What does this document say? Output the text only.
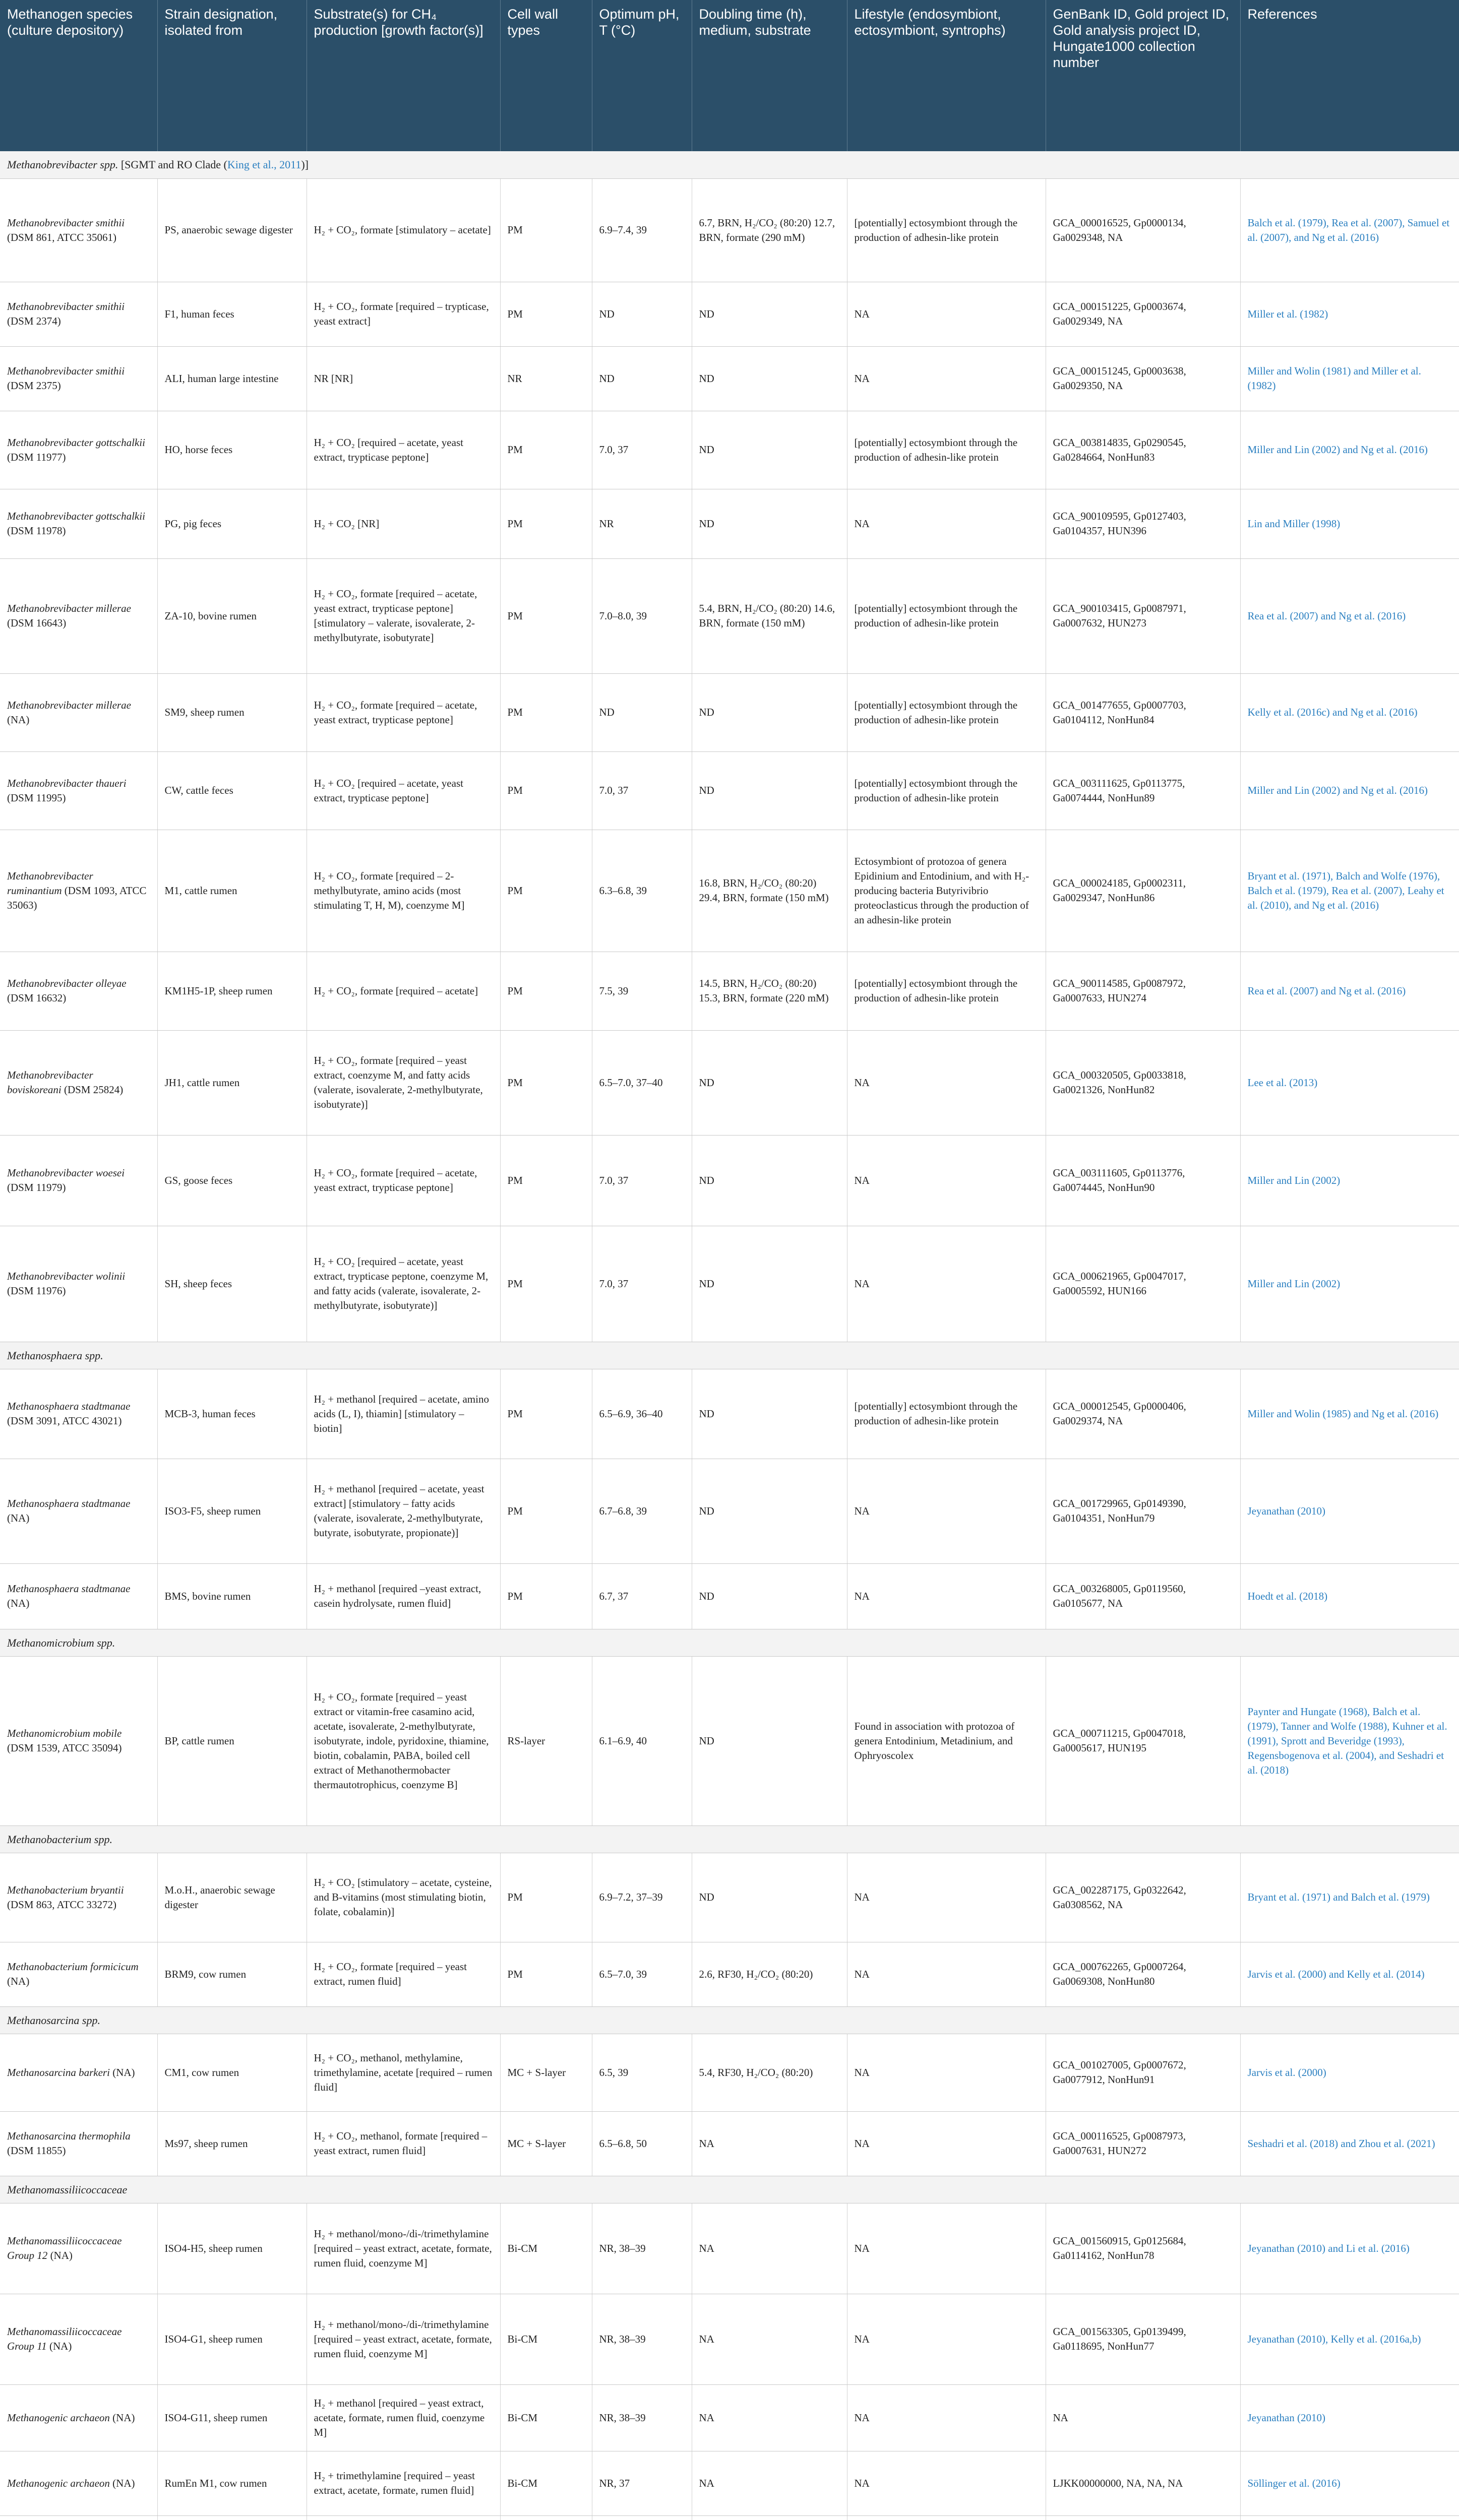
Methanogen species (culture depository)	Strain designation, isolated from	Substrate(s) for CH₄ production [growth factor(s)]	Cell wall types	Optimum pH, T (°C)	Doubling time (h), medium, substrate	Lifestyle (endosymbiont, ectosymbiont, syntrophs)	GenBank ID, Gold project ID, Gold analysis project ID, Hungate1000 collection number	References
Methanobrevibacter spp. [SGMT and RO Clade (King et al., 2011)]								
Methanobrevibacter smithii (DSM 861, ATCC 35061)	PS, anaerobic sewage digester	H₂ + CO₂, formate [stimulatory – acetate]	PM	6.9–7.4, 39	6.7, BRN, H₂/CO₂ (80:20) 12.7, BRN, formate (290 mM)	[potentially] ectosymbiont through the production of adhesin-like protein	GCA_000016525, Gp0000134, Ga0029348, NA	Balch et al. (1979), Rea et al. (2007), Samuel et al. (2007), and Ng et al. (2016)
Methanobrevibacter smithii (DSM 2374)	F1, human feces	H₂ + CO₂, formate [required – trypticase, yeast extract]	PM	ND	ND	NA	GCA_000151225, Gp0003674, Ga0029349, NA	Miller et al. (1982)
Methanobrevibacter smithii (DSM 2375)	ALI, human large intestine	NR [NR]	NR	ND	ND	NA	GCA_000151245, Gp0003638, Ga0029350, NA	Miller and Wolin (1981) and Miller et al. (1982)
Methanobrevibacter gottschalkii (DSM 11977)	HO, horse feces	H₂ + CO₂ [required – acetate, yeast extract, trypticase peptone]	PM	7.0, 37	ND	[potentially] ectosymbiont through the production of adhesin-like protein	GCA_003814835, Gp0290545, Ga0284664, NonHun83	Miller and Lin (2002) and Ng et al. (2016)
Methanobrevibacter gottschalkii (DSM 11978)	PG, pig feces	H₂ + CO₂ [NR]	PM	NR	ND	NA	GCA_900109595, Gp0127403, Ga0104357, HUN396	Lin and Miller (1998)
Methanobrevibacter millerae (DSM 16643)	ZA-10, bovine rumen	H₂ + CO₂, formate [required – acetate, yeast extract, trypticase peptone] [stimulatory – valerate, isovalerate, 2-methylbutyrate, isobutyrate]	PM	7.0–8.0, 39	5.4, BRN, H₂/CO₂ (80:20) 14.6, BRN, formate (150 mM)	[potentially] ectosymbiont through the production of adhesin-like protein	GCA_900103415, Gp0087971, Ga0007632, HUN273	Rea et al. (2007) and Ng et al. (2016)
Methanobrevibacter millerae (NA)	SM9, sheep rumen	H₂ + CO₂, formate [required – acetate, yeast extract, trypticase peptone]	PM	ND	ND	[potentially] ectosymbiont through the production of adhesin-like protein	GCA_001477655, Gp0007703, Ga0104112, NonHun84	Kelly et al. (2016c) and Ng et al. (2016)
Methanobrevibacter thaueri (DSM 11995)	CW, cattle feces	H₂ + CO₂ [required – acetate, yeast extract, trypticase peptone]	PM	7.0, 37	ND	[potentially] ectosymbiont through the production of adhesin-like protein	GCA_003111625, Gp0113775, Ga0074444, NonHun89	Miller and Lin (2002) and Ng et al. (2016)
Methanobrevibacter ruminantium (DSM 1093, ATCC 35063)	M1, cattle rumen	H₂ + CO₂, formate [required – 2-methylbutyrate, amino acids (most stimulating T, H, M), coenzyme M]	PM	6.3–6.8, 39	16.8, BRN, H₂/CO₂ (80:20) 29.4, BRN, formate (150 mM)	Ectosymbiont of protozoa of genera Epidinium and Entodinium, and with H₂-producing bacteria Butyrivibrio proteoclasticus through the production of an adhesin-like protein	GCA_000024185, Gp0002311, Ga0029347, NonHun86	Bryant et al. (1971), Balch and Wolfe (1976), Balch et al. (1979), Rea et al. (2007), Leahy et al. (2010), and Ng et al. (2016)
Methanobrevibacter olleyae (DSM 16632)	KM1H5-1P, sheep rumen	H₂ + CO₂, formate [required – acetate]	PM	7.5, 39	14.5, BRN, H₂/CO₂ (80:20) 15.3, BRN, formate (220 mM)	[potentially] ectosymbiont through the production of adhesin-like protein	GCA_900114585, Gp0087972, Ga0007633, HUN274	Rea et al. (2007) and Ng et al. (2016)
Methanobrevibacter boviskoreani (DSM 25824)	JH1, cattle rumen	H₂ + CO₂, formate [required – yeast extract, coenzyme M, and fatty acids (valerate, isovalerate, 2-methylbutyrate, isobutyrate)]	PM	6.5–7.0, 37–40	ND	NA	GCA_000320505, Gp0033818, Ga0021326, NonHun82	Lee et al. (2013)
Methanobrevibacter woesei (DSM 11979)	GS, goose feces	H₂ + CO₂, formate [required – acetate, yeast extract, trypticase peptone]	PM	7.0, 37	ND	NA	GCA_003111605, Gp0113776, Ga0074445, NonHun90	Miller and Lin (2002)
Methanobrevibacter wolinii (DSM 11976)	SH, sheep feces	H₂ + CO₂ [required – acetate, yeast extract, trypticase peptone, coenzyme M, and fatty acids (valerate, isovalerate, 2-methylbutyrate, isobutyrate)]	PM	7.0, 37	ND	NA	GCA_000621965, Gp0047017, Ga0005592, HUN166	Miller and Lin (2002)
Methanosphaera spp.								
Methanosphaera stadtmanae (DSM 3091, ATCC 43021)	MCB-3, human feces	H₂ + methanol [required – acetate, amino acids (L, I), thiamin] [stimulatory – biotin]	PM	6.5–6.9, 36–40	ND	[potentially] ectosymbiont through the production of adhesin-like protein	GCA_000012545, Gp0000406, Ga0029374, NA	Miller and Wolin (1985) and Ng et al. (2016)
Methanosphaera stadtmanae (NA)	ISO3-F5, sheep rumen	H₂ + methanol [required – acetate, yeast extract] [stimulatory – fatty acids (valerate, isovalerate, 2-methylbutyrate, butyrate, isobutyrate, propionate)]	PM	6.7–6.8, 39	ND	NA	GCA_001729965, Gp0149390, Ga0104351, NonHun79	Jeyanathan (2010)
Methanosphaera stadtmanae (NA)	BMS, bovine rumen	H₂ + methanol [required –yeast extract, casein hydrolysate, rumen fluid]	PM	6.7, 37	ND	NA	GCA_003268005, Gp0119560, Ga0105677, NA	Hoedt et al. (2018)
Methanomicrobium spp.								
Methanomicrobium mobile (DSM 1539, ATCC 35094)	BP, cattle rumen	H₂ + CO₂, formate [required – yeast extract or vitamin-free casamino acid, acetate, isovalerate, 2-methylbutyrate, isobutyrate, indole, pyridoxine, thiamine, biotin, cobalamin, PABA, boiled cell extract of Methanothermobacter thermautotrophicus, coenzyme B]	RS-layer	6.1–6.9, 40	ND	Found in association with protozoa of genera Entodinium, Metadinium, and Ophryoscolex	GCA_000711215, Gp0047018, Ga0005617, HUN195	Paynter and Hungate (1968), Balch et al. (1979), Tanner and Wolfe (1988), Kuhner et al. (1991), Sprott and Beveridge (1993), Regensbogenova et al. (2004), and Seshadri et al. (2018)
Methanobacterium spp.								
Methanobacterium bryantii (DSM 863, ATCC 33272)	M.o.H., anaerobic sewage digester	H₂ + CO₂ [stimulatory – acetate, cysteine, and B-vitamins (most stimulating biotin, folate, cobalamin)]	PM	6.9–7.2, 37–39	ND	NA	GCA_002287175, Gp0322642, Ga0308562, NA	Bryant et al. (1971) and Balch et al. (1979)
Methanobacterium formicicum (NA)	BRM9, cow rumen	H₂ + CO₂, formate [required – yeast extract, rumen fluid]	PM	6.5–7.0, 39	2.6, RF30, H₂/CO₂ (80:20)	NA	GCA_000762265, Gp0007264, Ga0069308, NonHun80	Jarvis et al. (2000) and Kelly et al. (2014)
Methanosarcina spp.								
Methanosarcina barkeri (NA)	CM1, cow rumen	H₂ + CO₂, methanol, methylamine, trimethylamine, acetate [required – rumen fluid]	MC + S-layer	6.5, 39	5.4, RF30, H₂/CO₂ (80:20)	NA	GCA_001027005, Gp0007672, Ga0077912, NonHun91	Jarvis et al. (2000)
Methanosarcina thermophila (DSM 11855)	Ms97, sheep rumen	H₂ + CO₂, methanol, formate [required – yeast extract, rumen fluid]	MC + S-layer	6.5–6.8, 50	NA	NA	GCA_000116525, Gp0087973, Ga0007631, HUN272	Seshadri et al. (2018) and Zhou et al. (2021)
Methanomassiliicoccaceae								
Methanomassiliicoccaceae Group 12 (NA)	ISO4-H5, sheep rumen	H₂ + methanol/mono-/di-/trimethylamine [required – yeast extract, acetate, formate, rumen fluid, coenzyme M]	Bi-CM	NR, 38–39	NA	NA	GCA_001560915, Gp0125684, Ga0114162, NonHun78	Jeyanathan (2010) and Li et al. (2016)
Methanomassiliicoccaceae Group 11 (NA)	ISO4-G1, sheep rumen	H₂ + methanol/mono-/di-/trimethylamine [required – yeast extract, acetate, formate, rumen fluid, coenzyme M]	Bi-CM	NR, 38–39	NA	NA	GCA_001563305, Gp0139499, Ga0118695, NonHun77	Jeyanathan (2010), Kelly et al. (2016a,b)
Methanogenic archaeon (NA)	ISO4-G11, sheep rumen	H₂ + methanol [required – yeast extract, acetate, formate, rumen fluid, coenzyme M]	Bi-CM	NR, 38–39	NA	NA	NA	Jeyanathan (2010)
Methanogenic archaeon (NA)	RumEn M1, cow rumen	H₂ + trimethylamine [required – yeast extract, acetate, formate, rumen fluid]	Bi-CM	NR, 37	NA	NA	LJKK00000000, NA, NA, NA	Söllinger et al. (2016)
